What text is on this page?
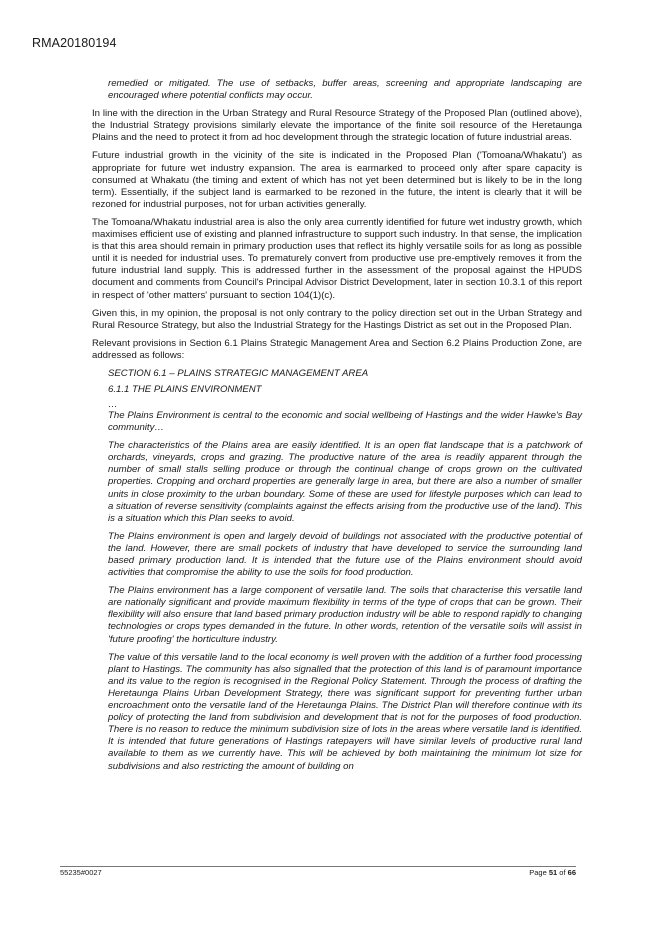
RMA20180194

remedied or mitigated. The use of setbacks, buffer areas, screening and appropriate landscaping are encouraged where potential conflicts may occur.

In line with the direction in the Urban Strategy and Rural Resource Strategy of the Proposed Plan (outlined above), the Industrial Strategy provisions similarly elevate the importance of the finite soil resource of the Heretaunga Plains and the need to protect it from ad hoc development through the strategic location of future industrial areas.

Future industrial growth in the vicinity of the site is indicated in the Proposed Plan ('Tomoana/Whakatu') as appropriate for future wet industry expansion. The area is earmarked to proceed only after spare capacity is consumed at Whakatu (the timing and extent of which has not yet been determined but is likely to be in the long term). Essentially, if the subject land is earmarked to be rezoned in the future, the intent is clearly that it will be rezoned for industrial purposes, not for urban activities generally.

The Tomoana/Whakatu industrial area is also the only area currently identified for future wet industry growth, which maximises efficient use of existing and planned infrastructure to support such industry. In that sense, the implication is that this area should remain in primary production uses that reflect its highly versatile soils for as long as possible until it is needed for industrial uses. To prematurely convert from productive use pre-emptively removes it from the future industrial land supply. This is addressed further in the assessment of the proposal against the HPUDS document and comments from Council's Principal Advisor District Development, later in section 10.3.1 of this report in respect of 'other matters' pursuant to section 104(1)(c).

Given this, in my opinion, the proposal is not only contrary to the policy direction set out in the Urban Strategy and Rural Resource Strategy, but also the Industrial Strategy for the Hastings District as set out in the Proposed Plan.

Relevant provisions in Section 6.1 Plains Strategic Management Area and Section 6.2 Plains Production Zone, are addressed as follows:

SECTION 6.1 – PLAINS STRATEGIC MANAGEMENT AREA
6.1.1 THE PLAINS ENVIRONMENT
…

The Plains Environment is central to the economic and social wellbeing of Hastings and the wider Hawke's Bay community…

The characteristics of the Plains area are easily identified. It is an open flat landscape that is a patchwork of orchards, vineyards, crops and grazing. The productive nature of the area is readily apparent through the number of small stalls selling produce or through the continual change of crops grown on the cultivated properties. Cropping and orchard properties are generally large in area, but there are also a number of smaller units in close proximity to the urban boundary. Some of these are used for lifestyle purposes which can lead to a situation of reverse sensitivity (complaints against the effects arising from the productive use of the land). This is a situation which this Plan seeks to avoid.

The Plains environment is open and largely devoid of buildings not associated with the productive potential of the land. However, there are small pockets of industry that have developed to service the surrounding land based primary production land. It is intended that the future use of the Plains environment should avoid activities that compromise the ability to use the soils for food production.

The Plains environment has a large component of versatile land. The soils that characterise this versatile land are nationally significant and provide maximum flexibility in terms of the type of crops that can be grown. Their flexibility will also ensure that land based primary production industry will be able to respond rapidly to changing technologies or crops types demanded in the future. In other words, retention of the versatile soils will assist in 'future proofing' the horticulture industry.

The value of this versatile land to the local economy is well proven with the addition of a further food processing plant to Hastings. The community has also signalled that the protection of this land is of paramount importance and its value to the region is recognised in the Regional Policy Statement. Through the process of drafting the Heretaunga Plains Urban Development Strategy, there was significant support for preventing further urban encroachment onto the versatile land of the Heretaunga Plains. The District Plan will therefore continue with its policy of protecting the land from subdivision and development that is not for the purposes of food production. There is no reason to reduce the minimum subdivision size of lots in the areas where versatile land is identified. It is intended that future generations of Hastings ratepayers will have similar levels of productive rural land available to them as we currently have. This will be achieved by both maintaining the minimum lot size for subdivisions and also restricting the amount of building on

55235#0027	Page 51 of 66
